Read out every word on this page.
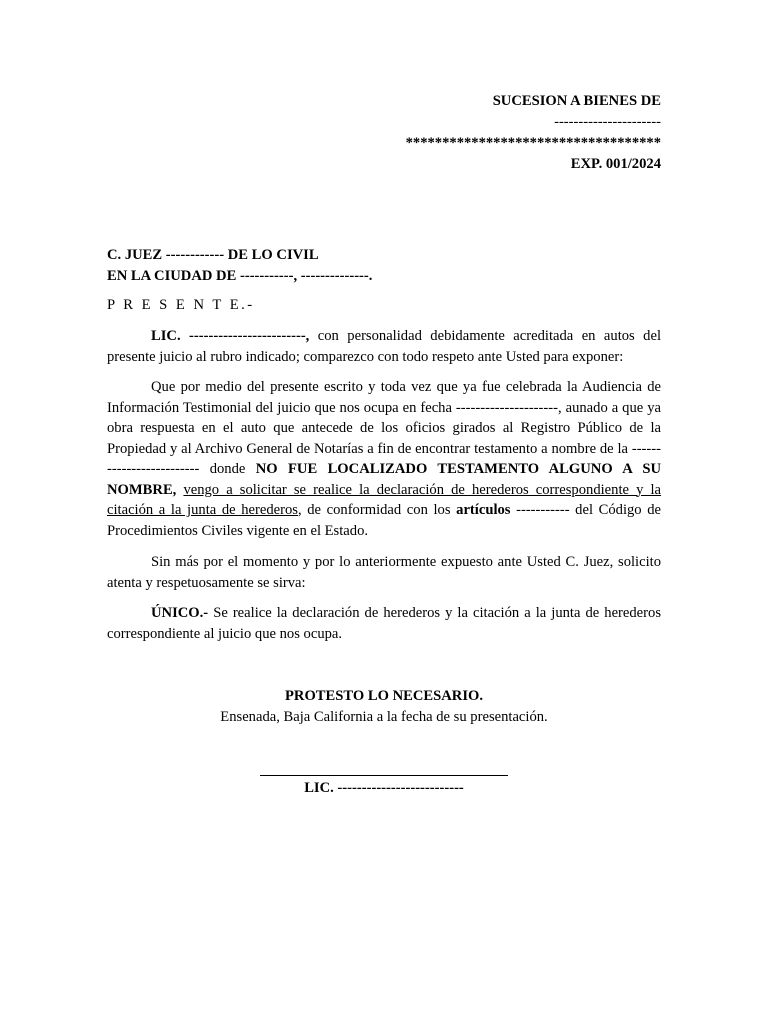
SUCESION A BIENES DE
----------------------
***********************************
EXP. 001/2024
C. JUEZ ------------ DE LO CIVIL
EN LA CIUDAD DE -----------, --------------.
P R E S E N T E.-

LIC. ------------------------, con personalidad debidamente acreditada en autos del presente juicio al rubro indicado; comparezco con todo respeto ante Usted para exponer:

Que por medio del presente escrito y toda vez que ya fue celebrada la Audiencia de Información Testimonial del juicio que nos ocupa en fecha ---------------------, aunado a que ya obra respuesta en el auto que antecede de los oficios girados al Registro Público de la Propiedad y al Archivo General de Notarías a fin de encontrar testamento a nombre de la ------------------------- donde NO FUE LOCALIZADO TESTAMENTO ALGUNO A SU NOMBRE, vengo a solicitar se realice la declaración de herederos correspondiente y la citación a la junta de herederos, de conformidad con los artículos ----------- del Código de Procedimientos Civiles vigente en el Estado.

Sin más por el momento y por lo anteriormente expuesto ante Usted C. Juez, solicito atenta y respetuosamente se sirva:

ÚNICO.- Se realice la declaración de herederos y la citación a la junta de herederos correspondiente al juicio que nos ocupa.

PROTESTO LO NECESARIO.
Ensenada, Baja California a la fecha de su presentación.
LIC. --------------------------
